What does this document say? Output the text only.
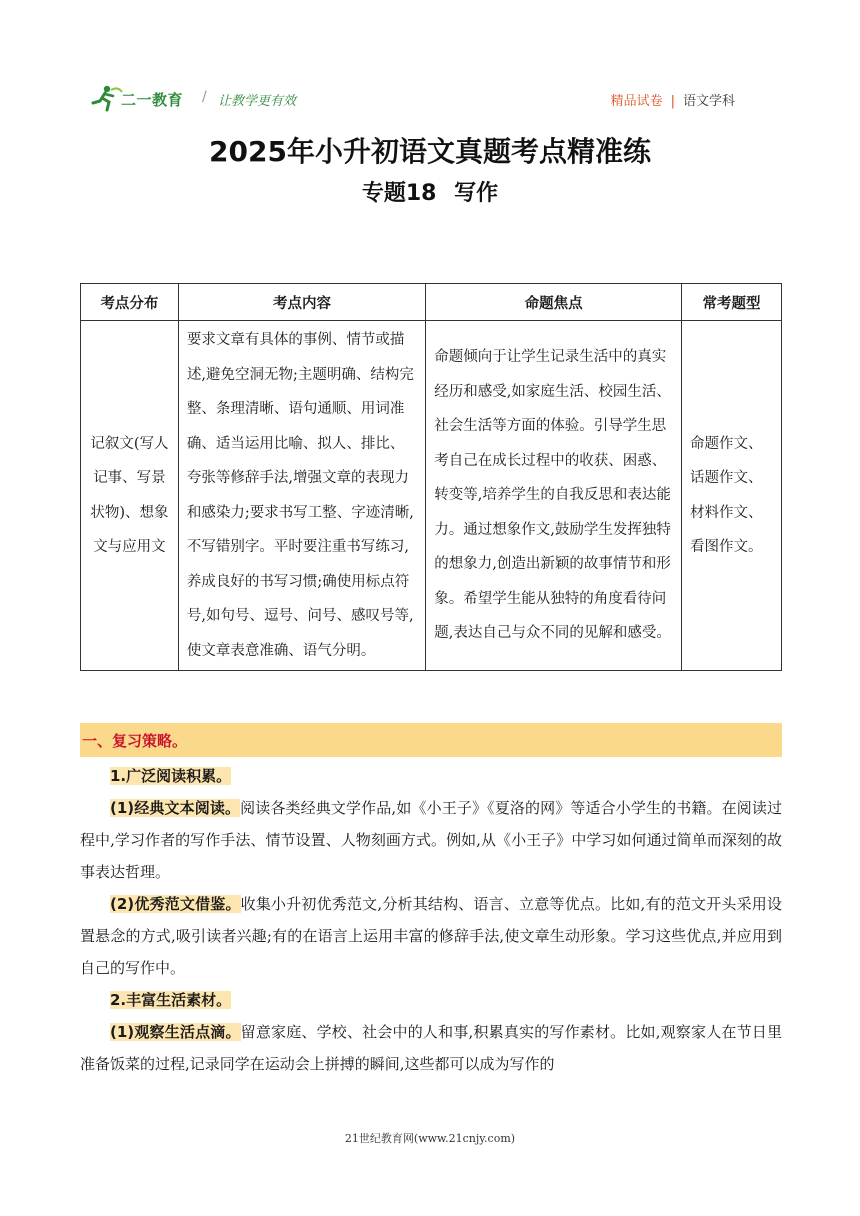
二一教育 / 让教学更有效	精品试卷 | 语文学科
2025年小升初语文真题考点精准练
专题18 写作
考点分布	考点内容	命题焦点	常考题型
记叙文(写人记事、写景状物)、想象文与应用文	要求文章有具体的事例、情节或描述,避免空洞无物;主题明确、结构完整、条理清晰、语句通顺、用词准确、适当运用比喻、拟人、排比、夸张等修辞手法,增强文章的表现力和感染力;要求书写工整、字迹清晰,不写错别字。平时要注重书写练习,养成良好的书写习惯;确使用标点符号,如句号、逗号、问号、感叹号等,使文章表意准确、语气分明。	命题倾向于让学生记录生活中的真实经历和感受,如家庭生活、校园生活、社会生活等方面的体验。引导学生思考自己在成长过程中的收获、困惑、转变等,培养学生的自我反思和表达能力。通过想象作文,鼓励学生发挥独特的想象力,创造出新颖的故事情节和形象。希望学生能从独特的角度看待问题,表达自己与众不同的见解和感受。	命题作文、话题作文、材料作文、看图作文。
一、复习策略。

1.广泛阅读积累。

(1)经典文本阅读。阅读各类经典文学作品,如《小王子》《夏洛的网》等适合小学生的书籍。在阅读过程中,学习作者的写作手法、情节设置、人物刻画方式。例如,从《小王子》中学习如何通过简单而深刻的故事表达哲理。

(2)优秀范文借鉴。收集小升初优秀范文,分析其结构、语言、立意等优点。比如,有的范文开头采用设置悬念的方式,吸引读者兴趣;有的在语言上运用丰富的修辞手法,使文章生动形象。学习这些优点,并应用到自己的写作中。

2.丰富生活素材。

(1)观察生活点滴。留意家庭、学校、社会中的人和事,积累真实的写作素材。比如,观察家人在节日里准备饭菜的过程,记录同学在运动会上拼搏的瞬间,这些都可以成为写作的

21世纪教育网(www.21cnjy.com)
